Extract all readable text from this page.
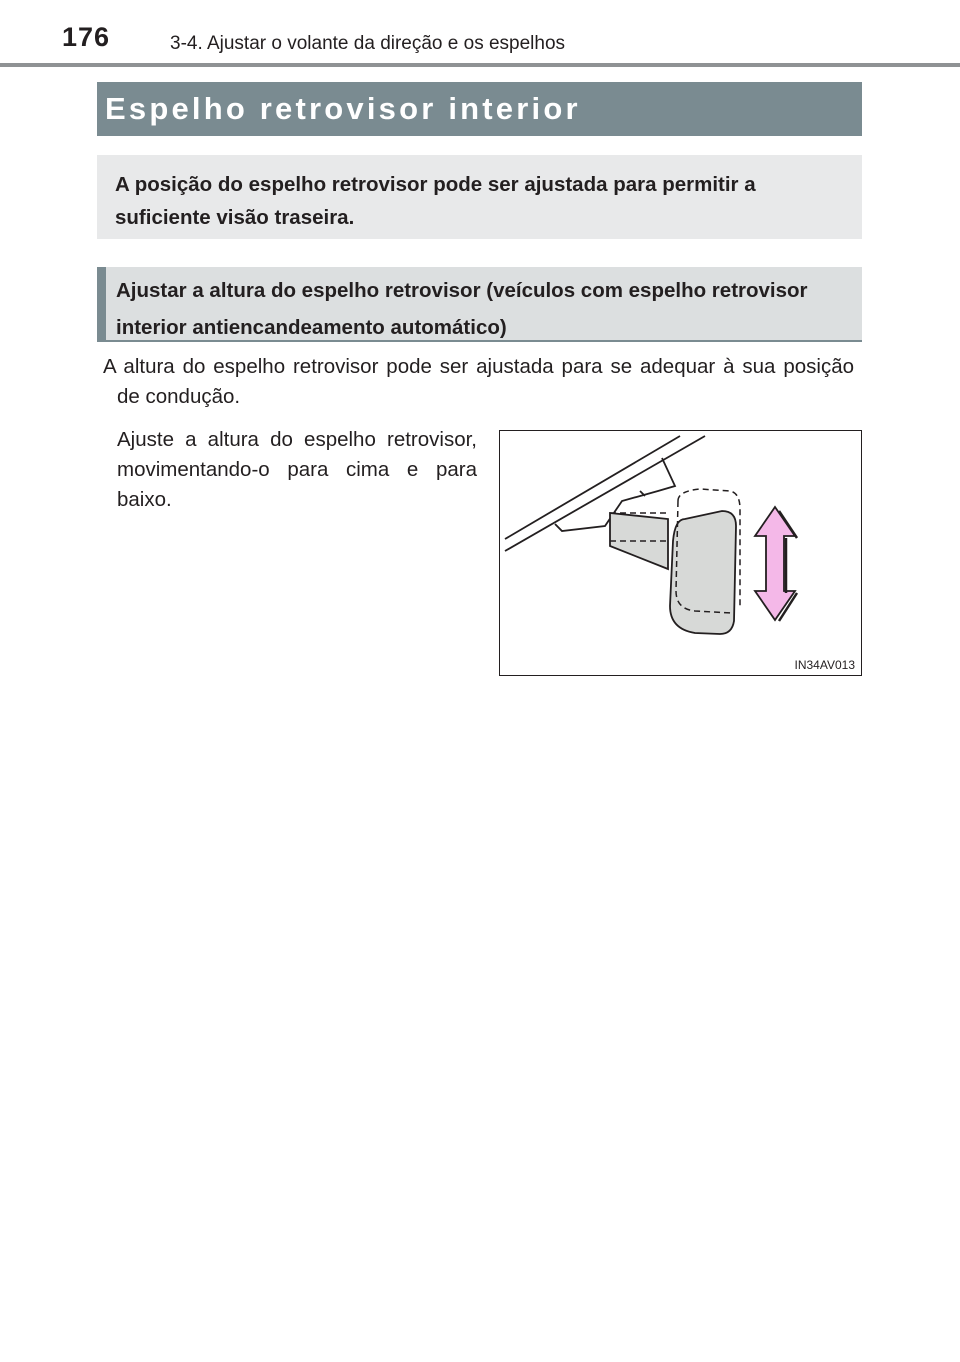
176	3-4. Ajustar o volante da direção e os espelhos
Espelho retrovisor interior
A posição do espelho retrovisor pode ser ajustada para permitir a suficiente visão traseira.
Ajustar a altura do espelho retrovisor (veículos com espelho retrovisor interior antiencandeamento automático)
A altura do espelho retrovisor pode ser ajustada para se adequar à sua posição de condução.
Ajuste a altura do espelho retrovisor, movimentando-o para cima e para baixo.
IN34AV013
